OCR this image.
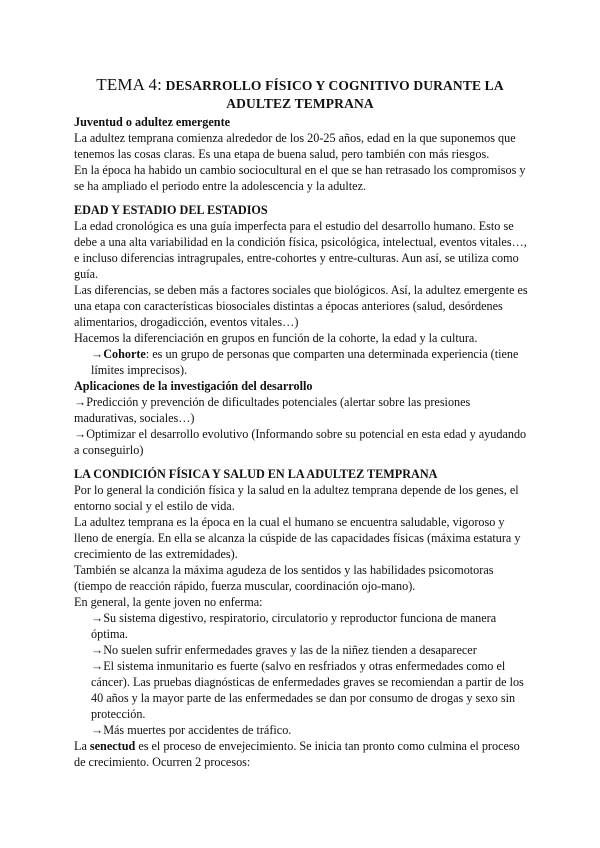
TEMA 4: DESARROLLO FÍSICO Y COGNITIVO DURANTE LA
ADULTEZ TEMPRANA

Juventud o adultez emergente

La adultez temprana comienza alrededor de los 20-25 años, edad en la que suponemos que tenemos las cosas claras. Es una etapa de buena salud, pero también con más riesgos.

En la época ha habido un cambio sociocultural en el que se han retrasado los compromisos y se ha ampliado el periodo entre la adolescencia y la adultez.

EDAD Y ESTADIO DEL ESTADIOS

La edad cronológica es una guía imperfecta para el estudio del desarrollo humano. Esto se debe a una alta variabilidad en la condición física, psicológica, intelectual, eventos vitales…, e incluso diferencias intragrupales, entre-cohortes y entre-culturas. Aun así, se utiliza como guía.

Las diferencias, se deben más a factores sociales que biológicos. Así, la adultez emergente es una etapa con características biosociales distintas a épocas anteriores (salud, desórdenes alimentarios, drogadicción, eventos vitales…)

Hacemos la diferenciación en grupos en función de la cohorte, la edad y la cultura.

→Cohorte: es un grupo de personas que comparten una determinada experiencia (tiene límites imprecisos).

Aplicaciones de la investigación del desarrollo

→Predicción y prevención de dificultades potenciales (alertar sobre las presiones madurativas, sociales…)

→Optimizar el desarrollo evolutivo (Informando sobre su potencial en esta edad y ayudando a conseguirlo)

LA CONDICIÓN FÍSICA Y SALUD EN LA ADULTEZ TEMPRANA

Por lo general la condición física y la salud en la adultez temprana depende de los genes, el entorno social y el estilo de vida.

La adultez temprana es la época en la cual el humano se encuentra saludable, vigoroso y lleno de energía. En ella se alcanza la cúspide de las capacidades físicas (máxima estatura y crecimiento de las extremidades).

También se alcanza la máxima agudeza de los sentidos y las habilidades psicomotoras (tiempo de reacción rápido, fuerza muscular, coordinación ojo-mano).

En general, la gente joven no enferma:

→Su sistema digestivo, respiratorio, circulatorio y reproductor funciona de manera óptima.

→No suelen sufrir enfermedades graves y las de la niñez tienden a desaparecer

→El sistema inmunitario es fuerte (salvo en resfriados y otras enfermedades como el cáncer). Las pruebas diagnósticas de enfermedades graves se recomiendan a partir de los 40 años y la mayor parte de las enfermedades se dan por consumo de drogas y sexo sin protección.

→Más muertes por accidentes de tráfico.

La senectud es el proceso de envejecimiento. Se inicia tan pronto como culmina el proceso de crecimiento. Ocurren 2 procesos:
